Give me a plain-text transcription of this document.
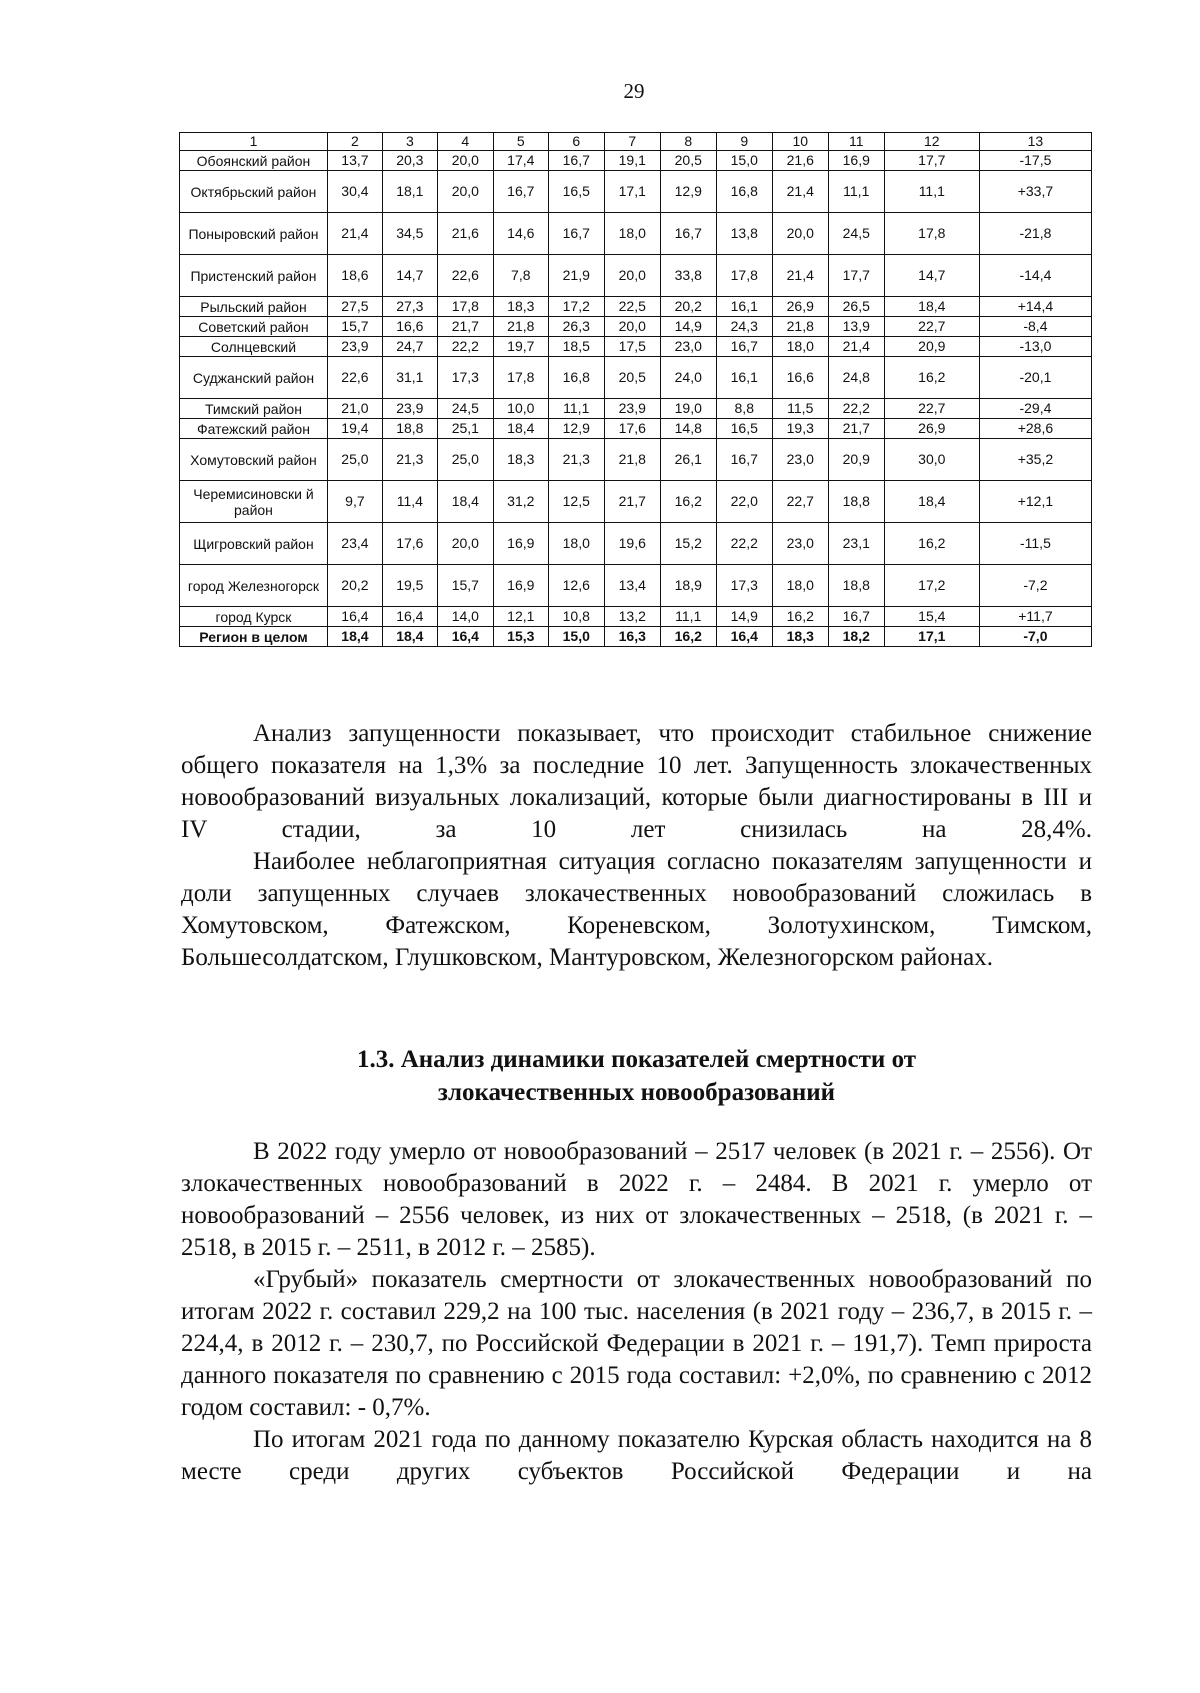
29
1	2	3	4	5	6	7	8	9	10	11	12	13
Обоянский район	13,7	20,3	20,0	17,4	16,7	19,1	20,5	15,0	21,6	16,9	17,7	-17,5
Октябрьский район	30,4	18,1	20,0	16,7	16,5	17,1	12,9	16,8	21,4	11,1	11,1	+33,7
Поныровский район	21,4	34,5	21,6	14,6	16,7	18,0	16,7	13,8	20,0	24,5	17,8	-21,8
Пристенский район	18,6	14,7	22,6	7,8	21,9	20,0	33,8	17,8	21,4	17,7	14,7	-14,4
Рыльский район	27,5	27,3	17,8	18,3	17,2	22,5	20,2	16,1	26,9	26,5	18,4	+14,4
Советский район	15,7	16,6	21,7	21,8	26,3	20,0	14,9	24,3	21,8	13,9	22,7	-8,4
Солнцевский	23,9	24,7	22,2	19,7	18,5	17,5	23,0	16,7	18,0	21,4	20,9	-13,0
Суджанский район	22,6	31,1	17,3	17,8	16,8	20,5	24,0	16,1	16,6	24,8	16,2	-20,1
Тимский район	21,0	23,9	24,5	10,0	11,1	23,9	19,0	8,8	11,5	22,2	22,7	-29,4
Фатежский район	19,4	18,8	25,1	18,4	12,9	17,6	14,8	16,5	19,3	21,7	26,9	+28,6
Хомутовский район	25,0	21,3	25,0	18,3	21,3	21,8	26,1	16,7	23,0	20,9	30,0	+35,2
Черемисиновски й район	9,7	11,4	18,4	31,2	12,5	21,7	16,2	22,0	22,7	18,8	18,4	+12,1
Щигровский район	23,4	17,6	20,0	16,9	18,0	19,6	15,2	22,2	23,0	23,1	16,2	-11,5
город Железногорск	20,2	19,5	15,7	16,9	12,6	13,4	18,9	17,3	18,0	18,8	17,2	-7,2
город Курск	16,4	16,4	14,0	12,1	10,8	13,2	11,1	14,9	16,2	16,7	15,4	+11,7
Регион в целом	18,4	18,4	16,4	15,3	15,0	16,3	16,2	16,4	18,3	18,2	17,1	-7,0

Анализ запущенности показывает, что происходит стабильное снижение общего показателя на 1,3% за последние 10 лет. Запущенность злокачественных новообразований визуальных локализаций, которые были диагностированы в III и IV стадии, за 10 лет снизилась на 28,4%.

Наиболее неблагоприятная ситуация согласно показателям запущенности и доли запущенных случаев злокачественных новообразований сложилась в Хомутовском, Фатежском, Кореневском, Золотухинском, Тимском, Большесолдатском, Глушковском, Мантуровском, Железногорском районах.

1.3. Анализ динамики показателей смертности от
злокачественных новообразований

В 2022 году умерло от новообразований – 2517 человек (в 2021 г. – 2556). От злокачественных новообразований в 2022 г. – 2484. В 2021 г. умерло от новообразований – 2556 человек, из них от злокачественных – 2518, (в 2021 г. – 2518, в 2015 г. – 2511, в 2012 г. – 2585).

«Грубый» показатель смертности от злокачественных новообразований по итогам 2022 г. составил 229,2 на 100 тыс. населения (в 2021 году – 236,7, в 2015 г. – 224,4, в 2012 г. – 230,7, по Российской Федерации в 2021 г. – 191,7). Темп прироста данного показателя по сравнению с 2015 года составил: +2,0%, по сравнению с 2012 годом составил: - 0,7%.

По итогам 2021 года по данному показателю Курская область находится на 8 месте среди других субъектов Российской Федерации и на
